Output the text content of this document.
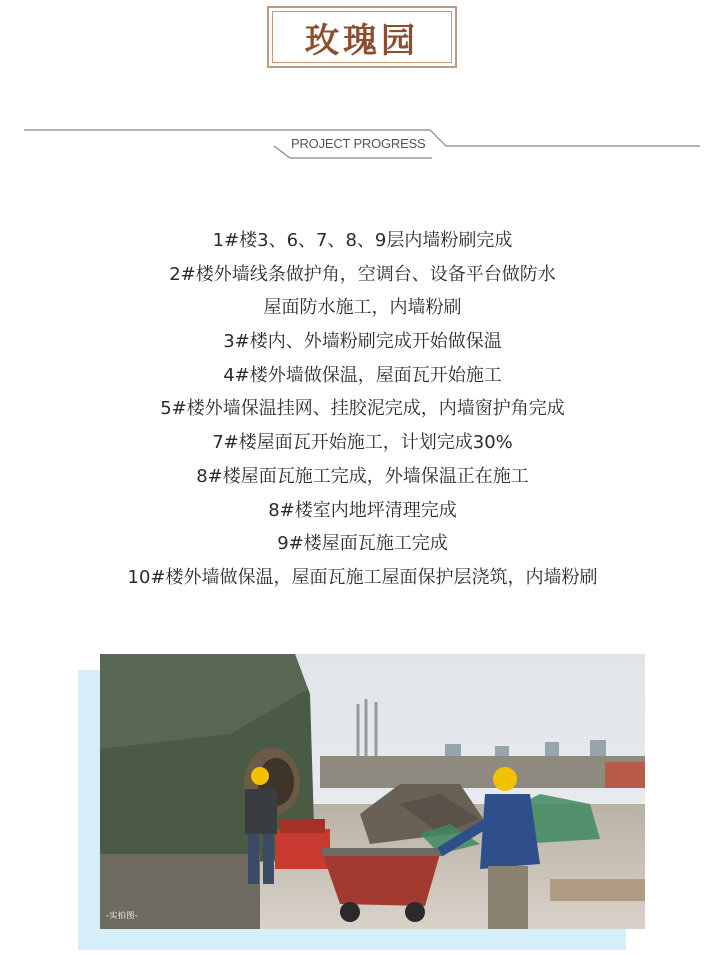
玫瑰园
PROJECT PROGRESS
1#楼3、6、7、8、9层内墙粉刷完成
2#楼外墙线条做护角，空调台、设备平台做防水
屋面防水施工，内墙粉刷
3#楼内、外墙粉刷完成开始做保温
4#楼外墙做保温，屋面瓦开始施工
5#楼外墙保温挂网、挂胶泥完成，内墙窗护角完成
7#楼屋面瓦开始施工，计划完成30%
8#楼屋面瓦施工完成，外墙保温正在施工
8#楼室内地坪清理完成
9#楼屋面瓦施工完成
10#楼外墙做保温，屋面瓦施工屋面保护层浇筑，内墙粉刷
-实拍图-
